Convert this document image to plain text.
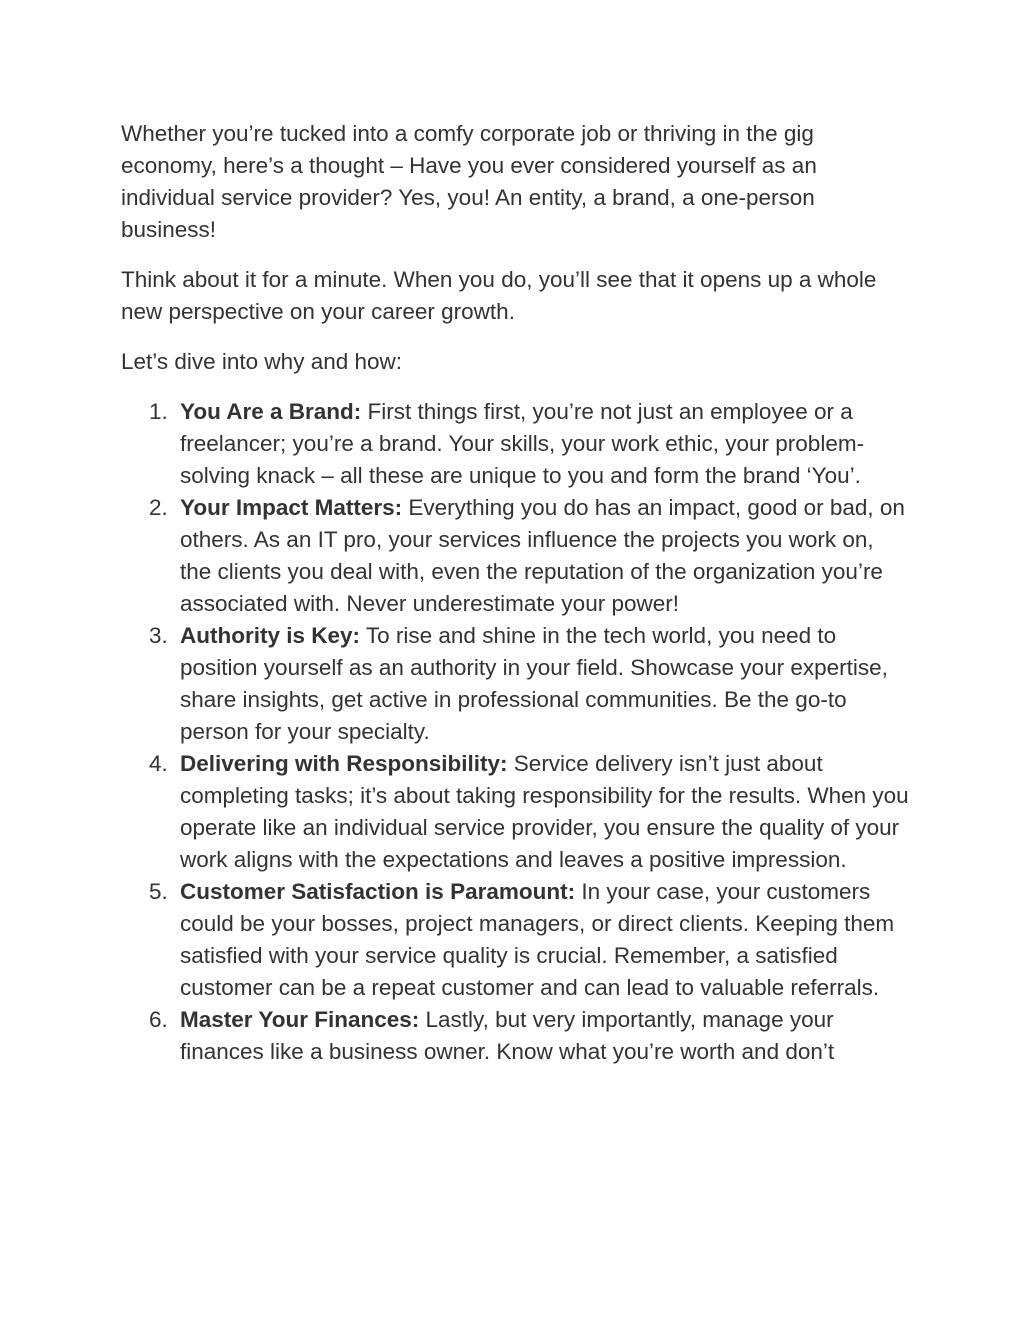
Whether you’re tucked into a comfy corporate job or thriving in the gig economy, here’s a thought – Have you ever considered yourself as an individual service provider? Yes, you! An entity, a brand, a one-person business!

Think about it for a minute. When you do, you’ll see that it opens up a whole new perspective on your career growth.

Let’s dive into why and how:

1. You Are a Brand: First things first, you’re not just an employee or a freelancer; you’re a brand. Your skills, your work ethic, your problem-solving knack – all these are unique to you and form the brand ‘You’.
2. Your Impact Matters: Everything you do has an impact, good or bad, on others. As an IT pro, your services influence the projects you work on, the clients you deal with, even the reputation of the organization you’re associated with. Never underestimate your power!
3. Authority is Key: To rise and shine in the tech world, you need to position yourself as an authority in your field. Showcase your expertise, share insights, get active in professional communities. Be the go-to person for your specialty.
4. Delivering with Responsibility: Service delivery isn’t just about completing tasks; it’s about taking responsibility for the results. When you operate like an individual service provider, you ensure the quality of your work aligns with the expectations and leaves a positive impression.
5. Customer Satisfaction is Paramount: In your case, your customers could be your bosses, project managers, or direct clients. Keeping them satisfied with your service quality is crucial. Remember, a satisfied customer can be a repeat customer and can lead to valuable referrals.
6. Master Your Finances: Lastly, but very importantly, manage your finances like a business owner. Know what you’re worth and don’t
